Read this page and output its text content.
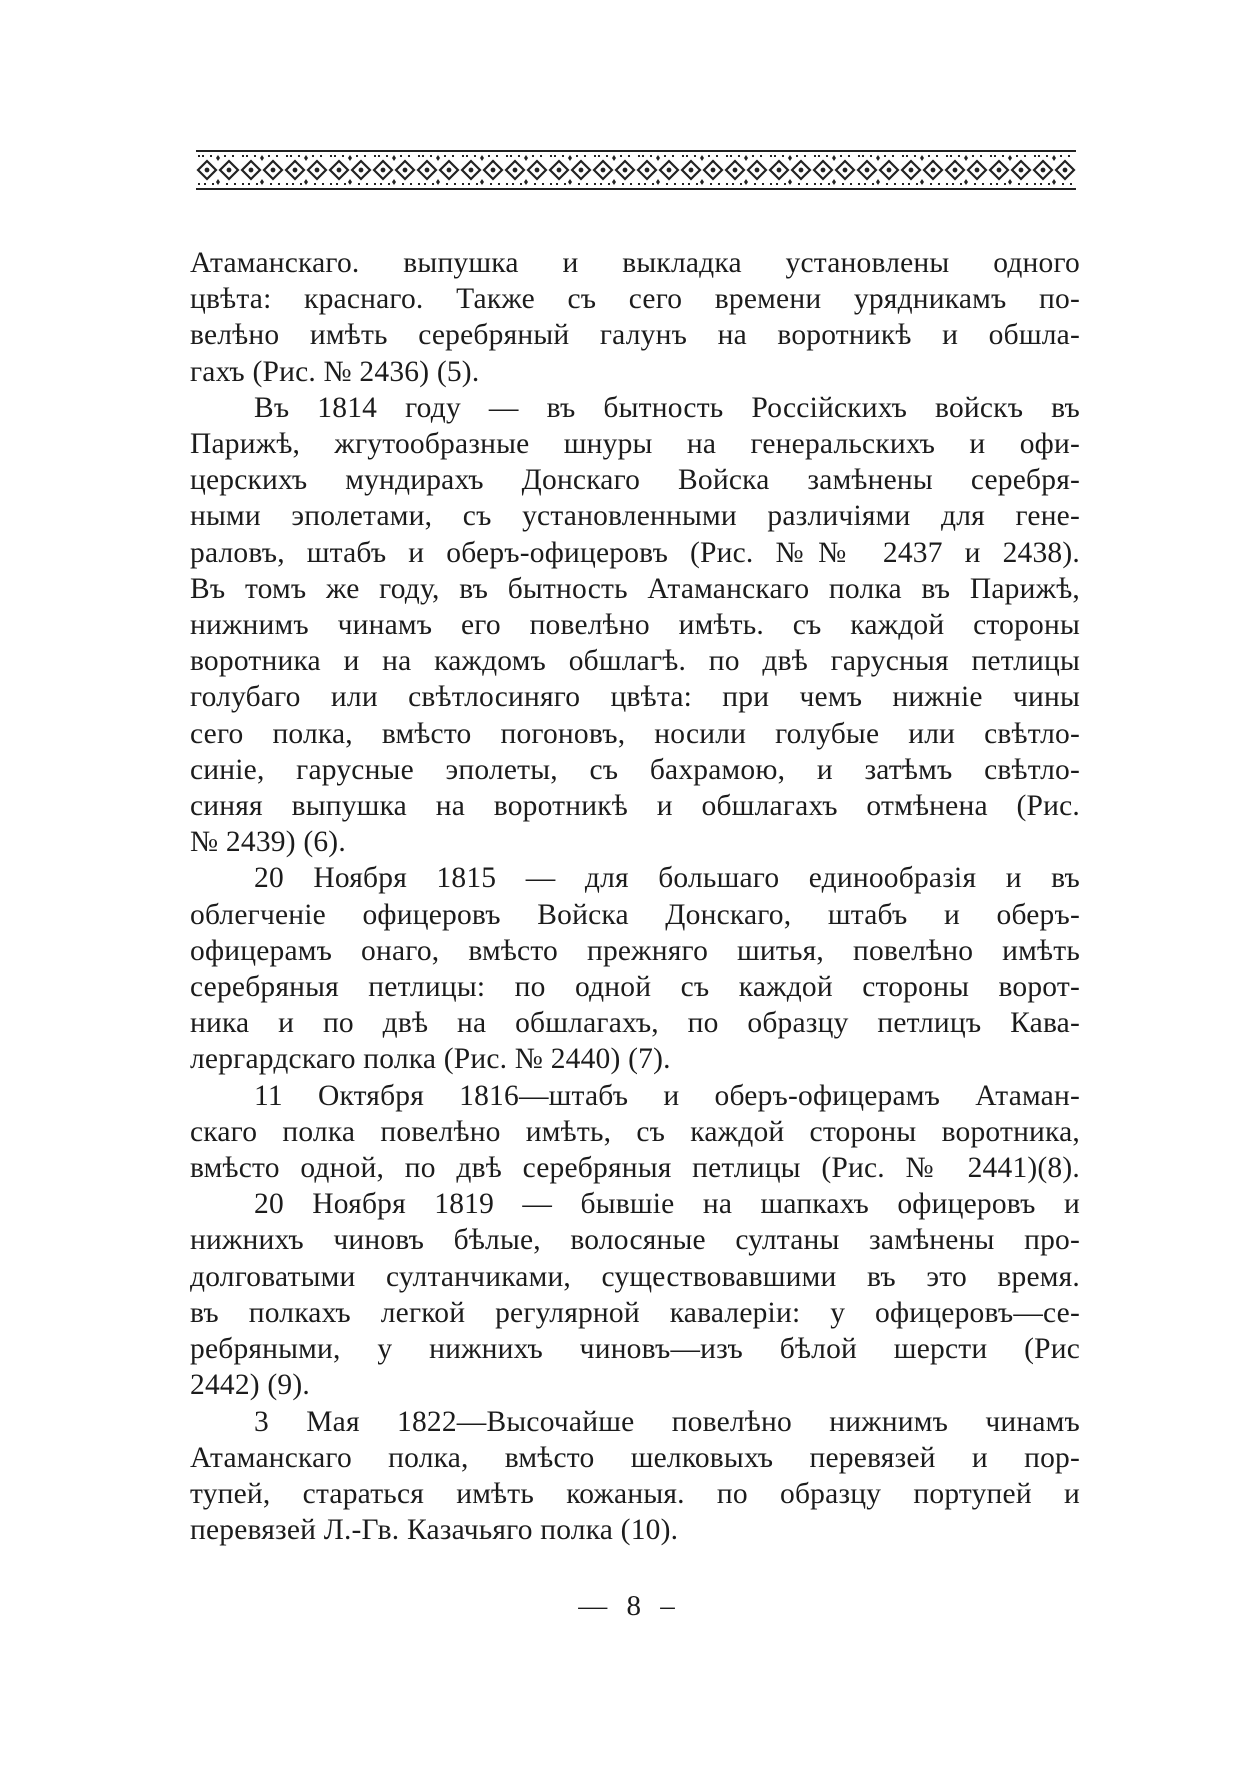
Атаманскаго. выпушка и выкладка установлены одного
цвѣта: краснаго. Также съ сего времени урядникамъ по-
велѣно имѣть серебряный галунъ на воротникѣ и обшла-

гахъ (Рис. № 2436) (5).

Въ 1814 году — въ бытность Россійскихъ войскъ въ
Парижѣ, жгутообразные шнуры на генеральскихъ и офи-
церскихъ мундирахъ Донскаго Войска замѣнены серебря-
ными эполетами, съ установленными различіями для гене-
раловъ, штабъ и оберъ-офицеровъ (Рис. №№ 2437 и 2438).
Въ томъ же году, въ бытность Атаманскаго полка въ Парижѣ,
нижнимъ чинамъ его повелѣно имѣть. съ каждой стороны
воротника и на каждомъ обшлагѣ. по двѣ гарусныя петлицы
голубаго или свѣтлосиняго цвѣта: при чемъ нижніе чины
сего полка, вмѣсто погоновъ, носили голубые или свѣтло-
синіе, гарусные эполеты, съ бахрамою, и затѣмъ свѣтло-
синяя выпушка на воротникѣ и обшлагахъ отмѣнена (Рис.

№ 2439) (6).

20 Ноября 1815 — для большаго единообразія и въ
облегченіе офицеровъ Войска Донскаго, штабъ и оберъ-
офицерамъ онаго, вмѣсто прежняго шитья, повелѣно имѣть
серебряныя петлицы: по одной съ каждой стороны ворот-
ника и по двѣ на обшлагахъ, по образцу петлицъ Кава-

лергардскаго полка (Рис. № 2440) (7).

11 Октября 1816—штабъ и оберъ-офицерамъ Атаман-
скаго полка повелѣно имѣть, съ каждой стороны воротника,
вмѣсто одной, по двѣ серебряныя петлицы (Рис. № 2441)(8).

20 Ноября 1819 — бывшіе на шапкахъ офицеровъ и
нижнихъ чиновъ бѣлые, волосяные султаны замѣнены про-
долговатыми султанчиками, существовавшими въ это время.
въ полкахъ легкой регулярной кавалеріи: у офицеровъ—се-
ребряными, у нижнихъ чиновъ—изъ бѣлой шерсти (Рис

2442) (9).

3 Мая 1822—Высочайше повелѣно нижнимъ чинамъ
Атаманскаго полка, вмѣсто шелковыхъ перевязей и пор-
тупей, стараться имѣть кожаныя. по образцу портупей и

перевязей Л.-Гв. Казачьяго полка (10).

— 8 –
